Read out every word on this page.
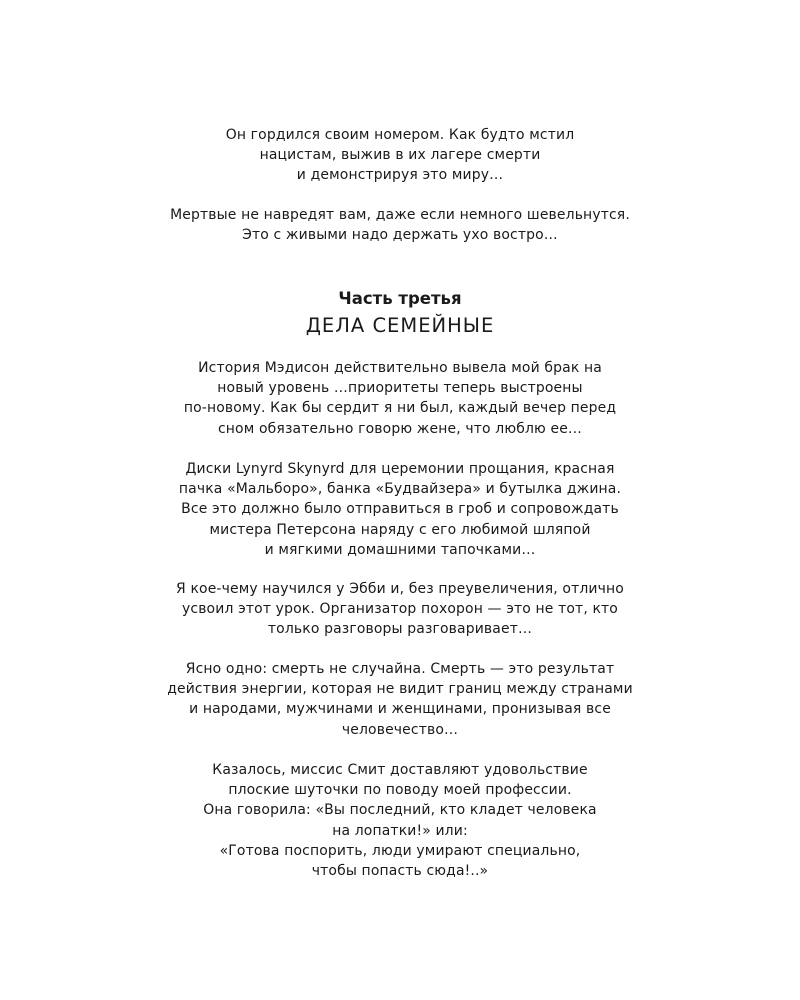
Он гордился своим номером. Как будто мстил
нацистам, выжив в их лагере смерти
и демонстрируя это миру…
Мертвые не навредят вам, даже если немного шевельнутся.
Это с живыми надо держать ухо востро…
Часть третья
ДЕЛА СЕМЕЙНЫЕ
История Мэдисон действительно вывела мой брак на
новый уровень …приоритеты теперь выстроены
по-новому. Как бы сердит я ни был, каждый вечер перед
сном обязательно говорю жене, что люблю ее…
Диски Lynyrd Skynyrd для церемонии прощания, красная
пачка «Мальборо», банка «Будвайзера» и бутылка джина.
Все это должно было отправиться в гроб и сопровождать
мистера Петерсона наряду с его любимой шляпой
и мягкими домашними тапочками…
Я кое-чему научился у Эбби и, без преувеличения, отлично
усвоил этот урок. Организатор похорон — это не тот, кто
только разговоры разговаривает…
Ясно одно: смерть не случайна. Смерть — это результат
действия энергии, которая не видит границ между странами
и народами, мужчинами и женщинами, пронизывая все
человечество…
Казалось, миссис Смит доставляют удовольствие
плоские шуточки по поводу моей профессии.
Она говорила: «Вы последний, кто кладет человека
на лопатки!» или:
«Готова поспорить, люди умирают специально,
чтобы попасть сюда!..»
